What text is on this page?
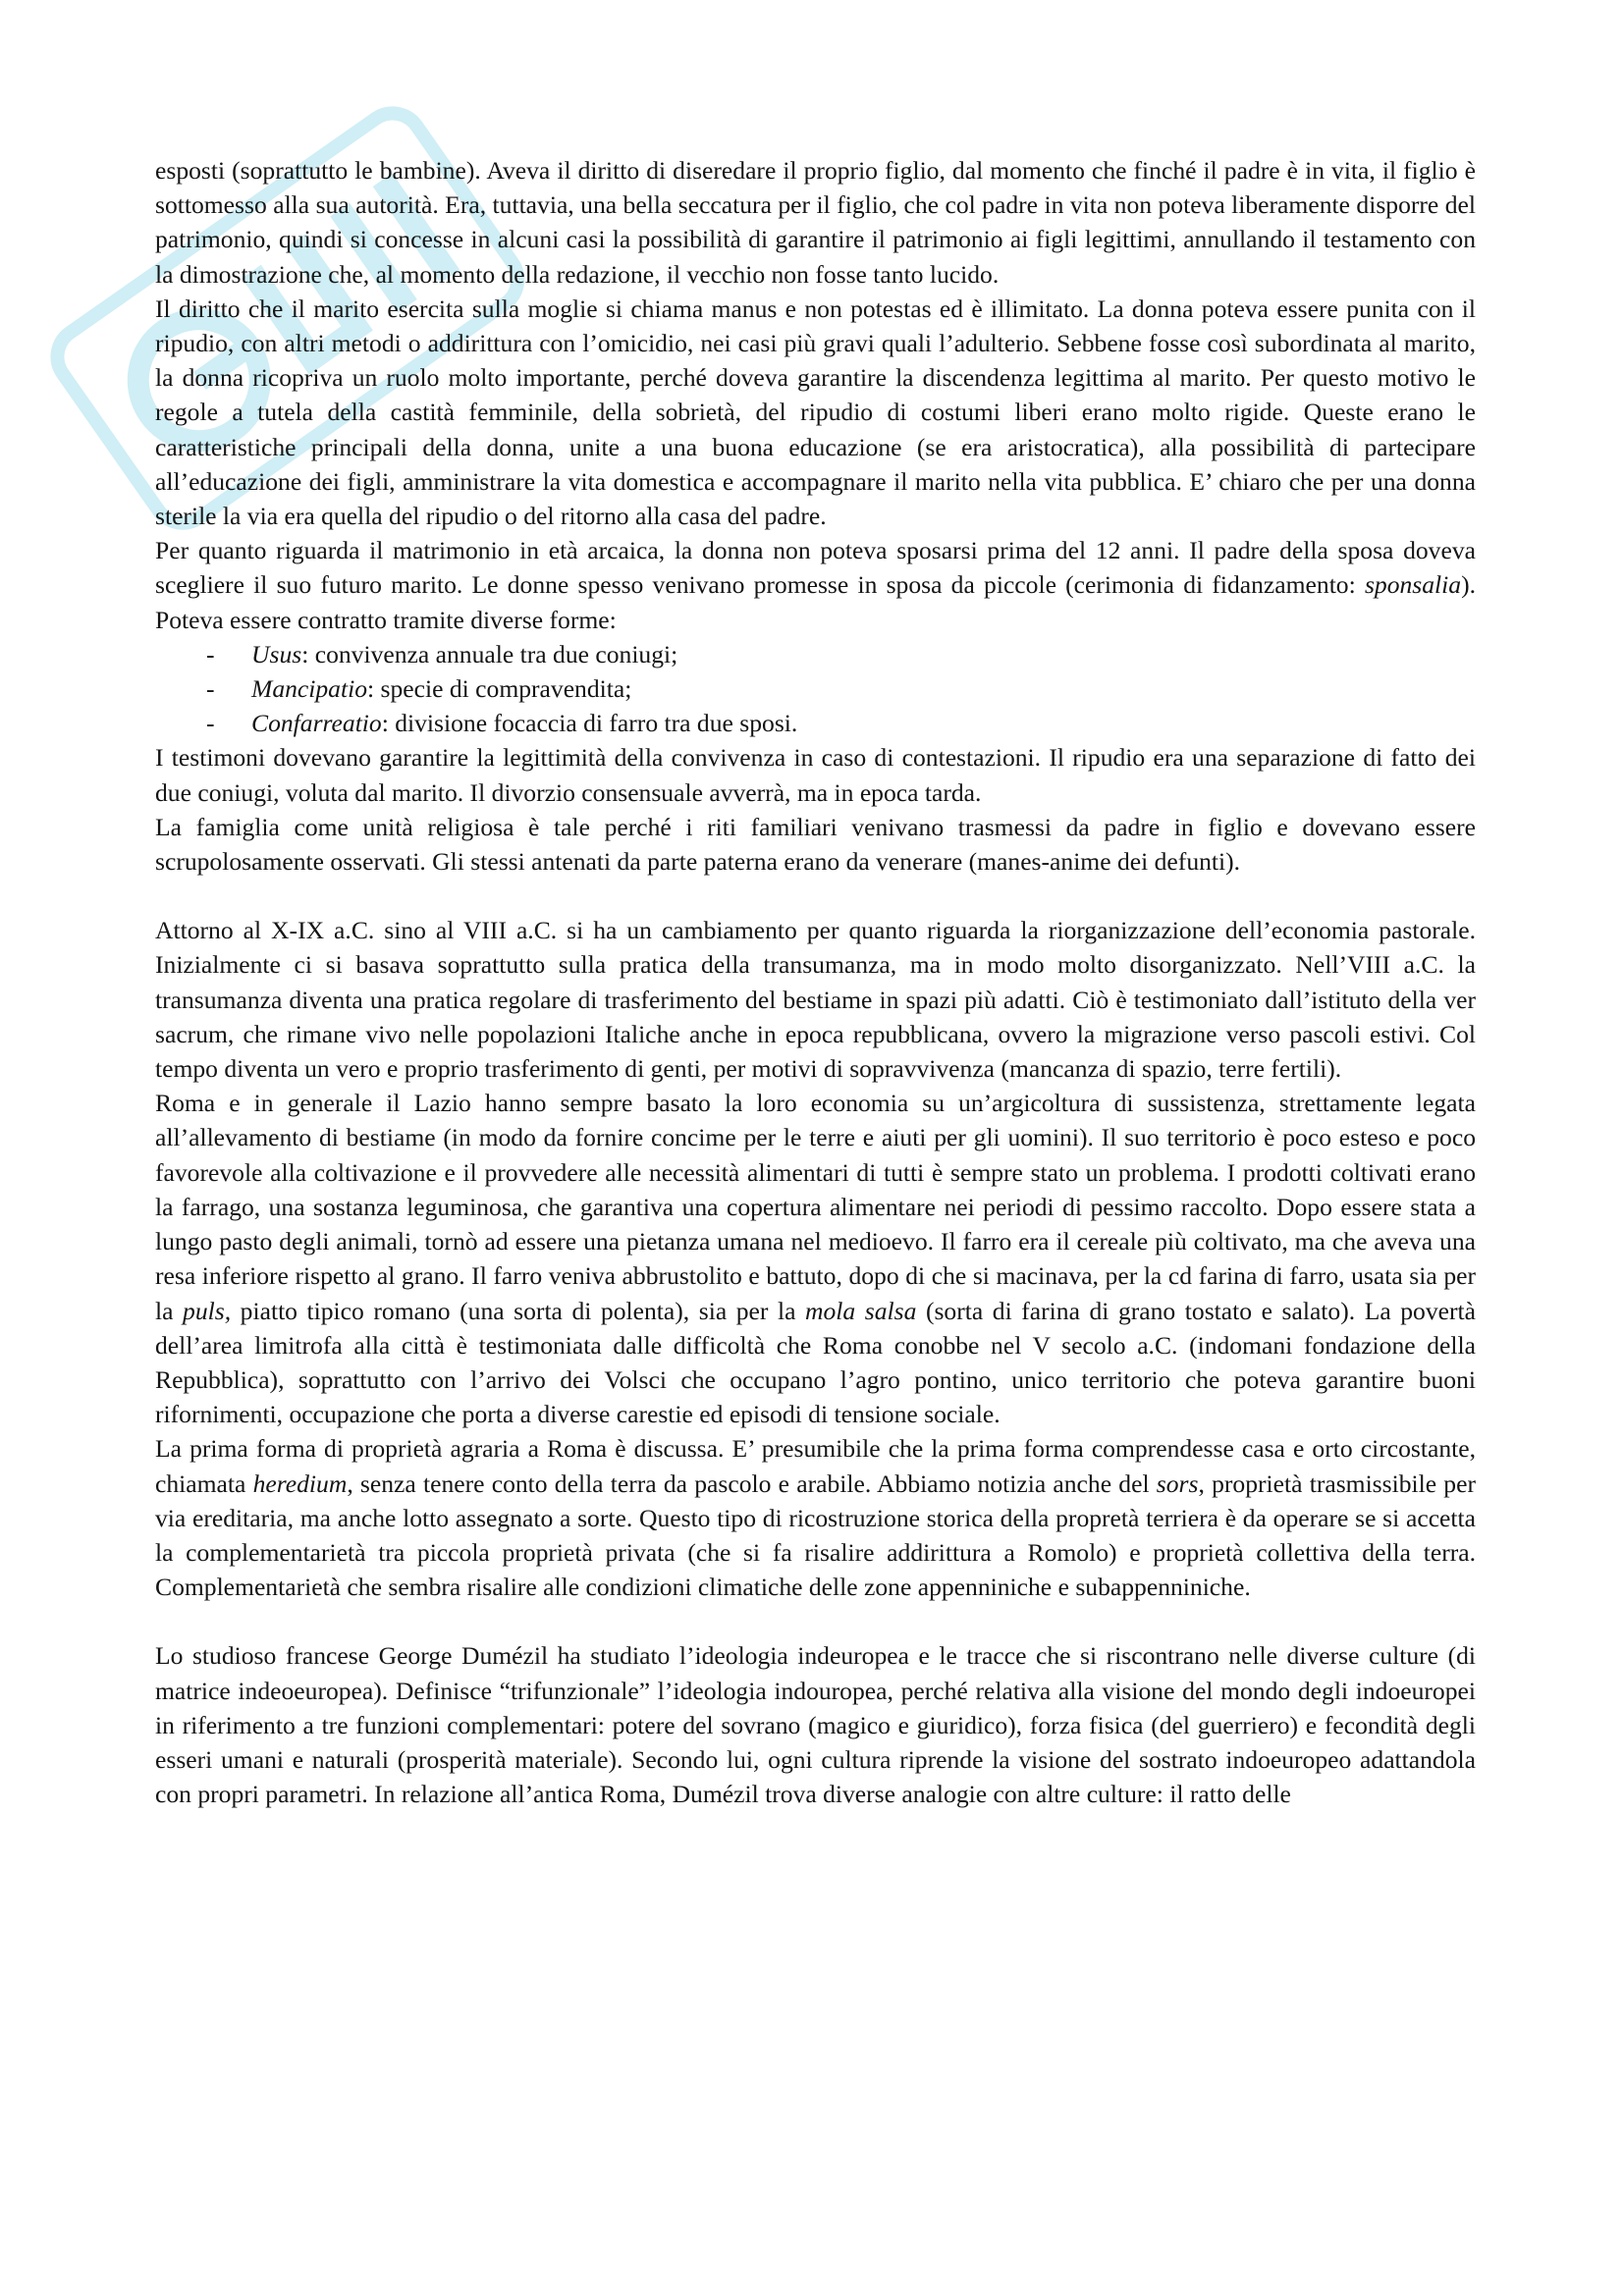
esposti (soprattutto le bambine). Aveva il diritto di diseredare il proprio figlio, dal momento che finché il padre è in vita, il figlio è sottomesso alla sua autorità. Era, tuttavia, una bella seccatura per il figlio, che col padre in vita non poteva liberamente disporre del patrimonio, quindi si concesse in alcuni casi la possibilità di garantire il patrimonio ai figli legittimi, annullando il testamento con la dimostrazione che, al momento della redazione, il vecchio non fosse tanto lucido.

Il diritto che il marito esercita sulla moglie si chiama manus e non potestas ed è illimitato. La donna poteva essere punita con il ripudio, con altri metodi o addirittura con l’omicidio, nei casi più gravi quali l’adulterio. Sebbene fosse così subordinata al marito, la donna ricopriva un ruolo molto importante, perché doveva garantire la discendenza legittima al marito. Per questo motivo le regole a tutela della castità femminile, della sobrietà, del ripudio di costumi liberi erano molto rigide. Queste erano le caratteristiche principali della donna, unite a una buona educazione (se era aristocratica), alla possibilità di partecipare all’educazione dei figli, amministrare la vita domestica e accompagnare il marito nella vita pubblica. E’ chiaro che per una donna sterile la via era quella del ripudio o del ritorno alla casa del padre.

Per quanto riguarda il matrimonio in età arcaica, la donna non poteva sposarsi prima del 12 anni. Il padre della sposa doveva scegliere il suo futuro marito. Le donne spesso venivano promesse in sposa da piccole (cerimonia di fidanzamento: sponsalia). Poteva essere contratto tramite diverse forme:

- Usus: convivenza annuale tra due coniugi;
- Mancipatio: specie di compravendita;
- Confarreatio: divisione focaccia di farro tra due sposi.

I testimoni dovevano garantire la legittimità della convivenza in caso di contestazioni. Il ripudio era una separazione di fatto dei due coniugi, voluta dal marito. Il divorzio consensuale avverrà, ma in epoca tarda.

La famiglia come unità religiosa è tale perché i riti familiari venivano trasmessi da padre in figlio e dovevano essere scrupolosamente osservati. Gli stessi antenati da parte paterna erano da venerare (manes-anime dei defunti).

Attorno al X-IX a.C. sino al VIII a.C. si ha un cambiamento per quanto riguarda la riorganizzazione dell’economia pastorale. Inizialmente ci si basava soprattutto sulla pratica della transumanza, ma in modo molto disorganizzato. Nell’VIII a.C. la transumanza diventa una pratica regolare di trasferimento del bestiame in spazi più adatti. Ciò è testimoniato dall’istituto della ver sacrum, che rimane vivo nelle popolazioni Italiche anche in epoca repubblicana, ovvero la migrazione verso pascoli estivi. Col tempo diventa un vero e proprio trasferimento di genti, per motivi di sopravvivenza (mancanza di spazio, terre fertili).

Roma e in generale il Lazio hanno sempre basato la loro economia su un’argicoltura di sussistenza, strettamente legata all’allevamento di bestiame (in modo da fornire concime per le terre e aiuti per gli uomini). Il suo territorio è poco esteso e poco favorevole alla coltivazione e il provvedere alle necessità alimentari di tutti è sempre stato un problema. I prodotti coltivati erano la farrago, una sostanza leguminosa, che garantiva una copertura alimentare nei periodi di pessimo raccolto. Dopo essere stata a lungo pasto degli animali, tornò ad essere una pietanza umana nel medioevo. Il farro era il cereale più coltivato, ma che aveva una resa inferiore rispetto al grano. Il farro veniva abbrustolito e battuto, dopo di che si macinava, per la cd farina di farro, usata sia per la puls, piatto tipico romano (una sorta di polenta), sia per la mola salsa (sorta di farina di grano tostato e salato). La povertà dell’area limitrofa alla città è testimoniata dalle difficoltà che Roma conobbe nel V secolo a.C. (indomani fondazione della Repubblica), soprattutto con l’arrivo dei Volsci che occupano l’agro pontino, unico territorio che poteva garantire buoni rifornimenti, occupazione che porta a diverse carestie ed episodi di tensione sociale.

La prima forma di proprietà agraria a Roma è discussa. E’ presumibile che la prima forma comprendesse casa e orto circostante, chiamata heredium, senza tenere conto della terra da pascolo e arabile. Abbiamo notizia anche del sors, proprietà trasmissibile per via ereditaria, ma anche lotto assegnato a sorte. Questo tipo di ricostruzione storica della propretà terriera è da operare se si accetta la complementarietà tra piccola proprietà privata (che si fa risalire addirittura a Romolo) e proprietà collettiva della terra. Complementarietà che sembra risalire alle condizioni climatiche delle zone appenniniche e subappenniniche.

Lo studioso francese George Dumézil ha studiato l’ideologia indeuropea e le tracce che si riscontrano nelle diverse culture (di matrice indeoeuropea). Definisce “trifunzionale” l’ideologia indouropea, perché relativa alla visione del mondo degli indoeuropei in riferimento a tre funzioni complementari: potere del sovrano (magico e giuridico), forza fisica (del guerriero) e fecondità degli esseri umani e naturali (prosperità materiale). Secondo lui, ogni cultura riprende la visione del sostrato indoeuropeo adattandola con propri parametri. In relazione all’antica Roma, Dumézil trova diverse analogie con altre culture: il ratto delle
